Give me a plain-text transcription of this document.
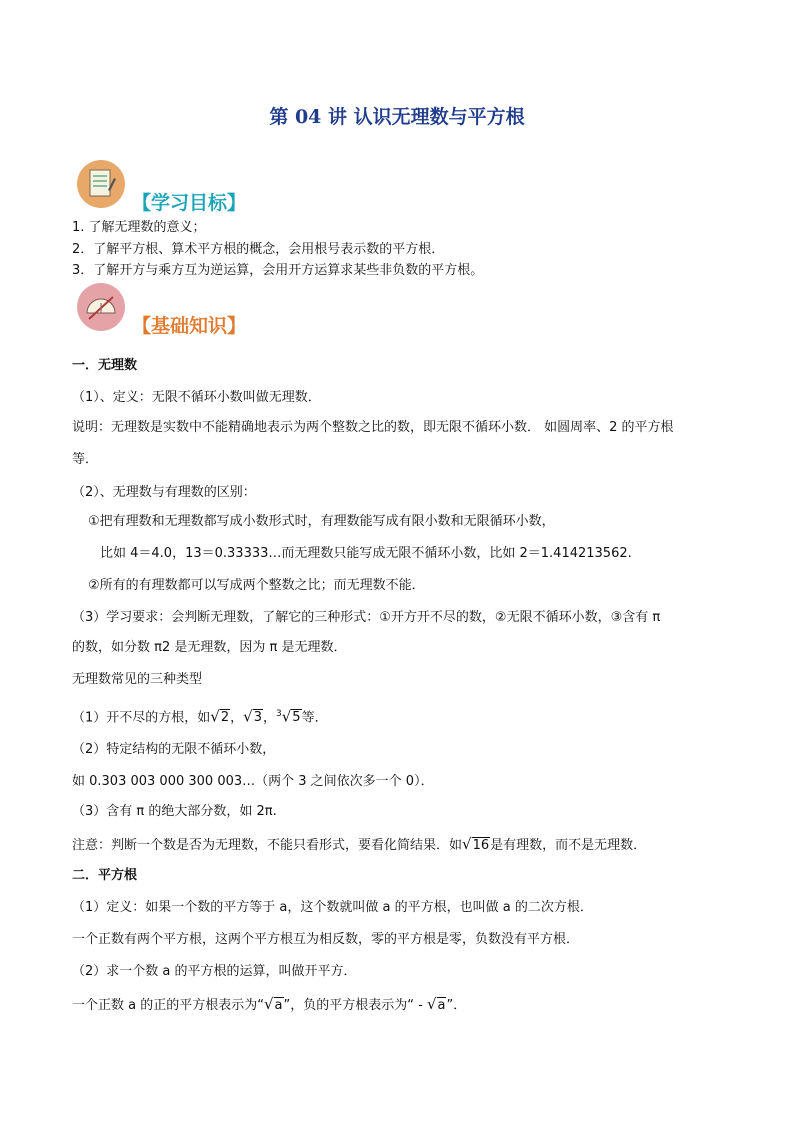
第 04 讲 认识无理数与平方根
【学习目标】
1. 了解无理数的意义；
2．了解平方根、算术平方根的概念，会用根号表示数的平方根．
3．了解开方与乘方互为逆运算，会用开方运算求某些非负数的平方根。
【基础知识】
一．无理数
（1）、定义：无限不循环小数叫做无理数．
说明：无理数是实数中不能精确地表示为两个整数之比的数，即无限不循环小数． 如圆周率、2 的平方根
等．
（2）、无理数与有理数的区别：
①把有理数和无理数都写成小数形式时，有理数能写成有限小数和无限循环小数，
比如 4＝4.0，13＝0.33333…而无理数只能写成无限不循环小数，比如 2＝1.414213562.
②所有的有理数都可以写成两个整数之比；而无理数不能．
（3）学习要求：会判断无理数，了解它的三种形式：①开方开不尽的数，②无限不循环小数，③含有 π
的数，如分数 π2 是无理数，因为 π 是无理数．
无理数常见的三种类型
（1）开不尽的方根，如√2，√3，$^3$√5等．
（2）特定结构的无限不循环小数，
如 0.303 003 000 300 003…（两个 3 之间依次多一个 0）．
（3）含有 π 的绝大部分数，如 2π.
注意：判断一个数是否为无理数，不能只看形式，要看化简结果．如√16是有理数，而不是无理数．
二．平方根
（1）定义：如果一个数的平方等于 a，这个数就叫做 a 的平方根，也叫做 a 的二次方根．
一个正数有两个平方根，这两个平方根互为相反数，零的平方根是零，负数没有平方根．
（2）求一个数 a 的平方根的运算，叫做开平方．
一个正数 a 的正的平方根表示为“√a”，负的平方根表示为“ - √a”．
